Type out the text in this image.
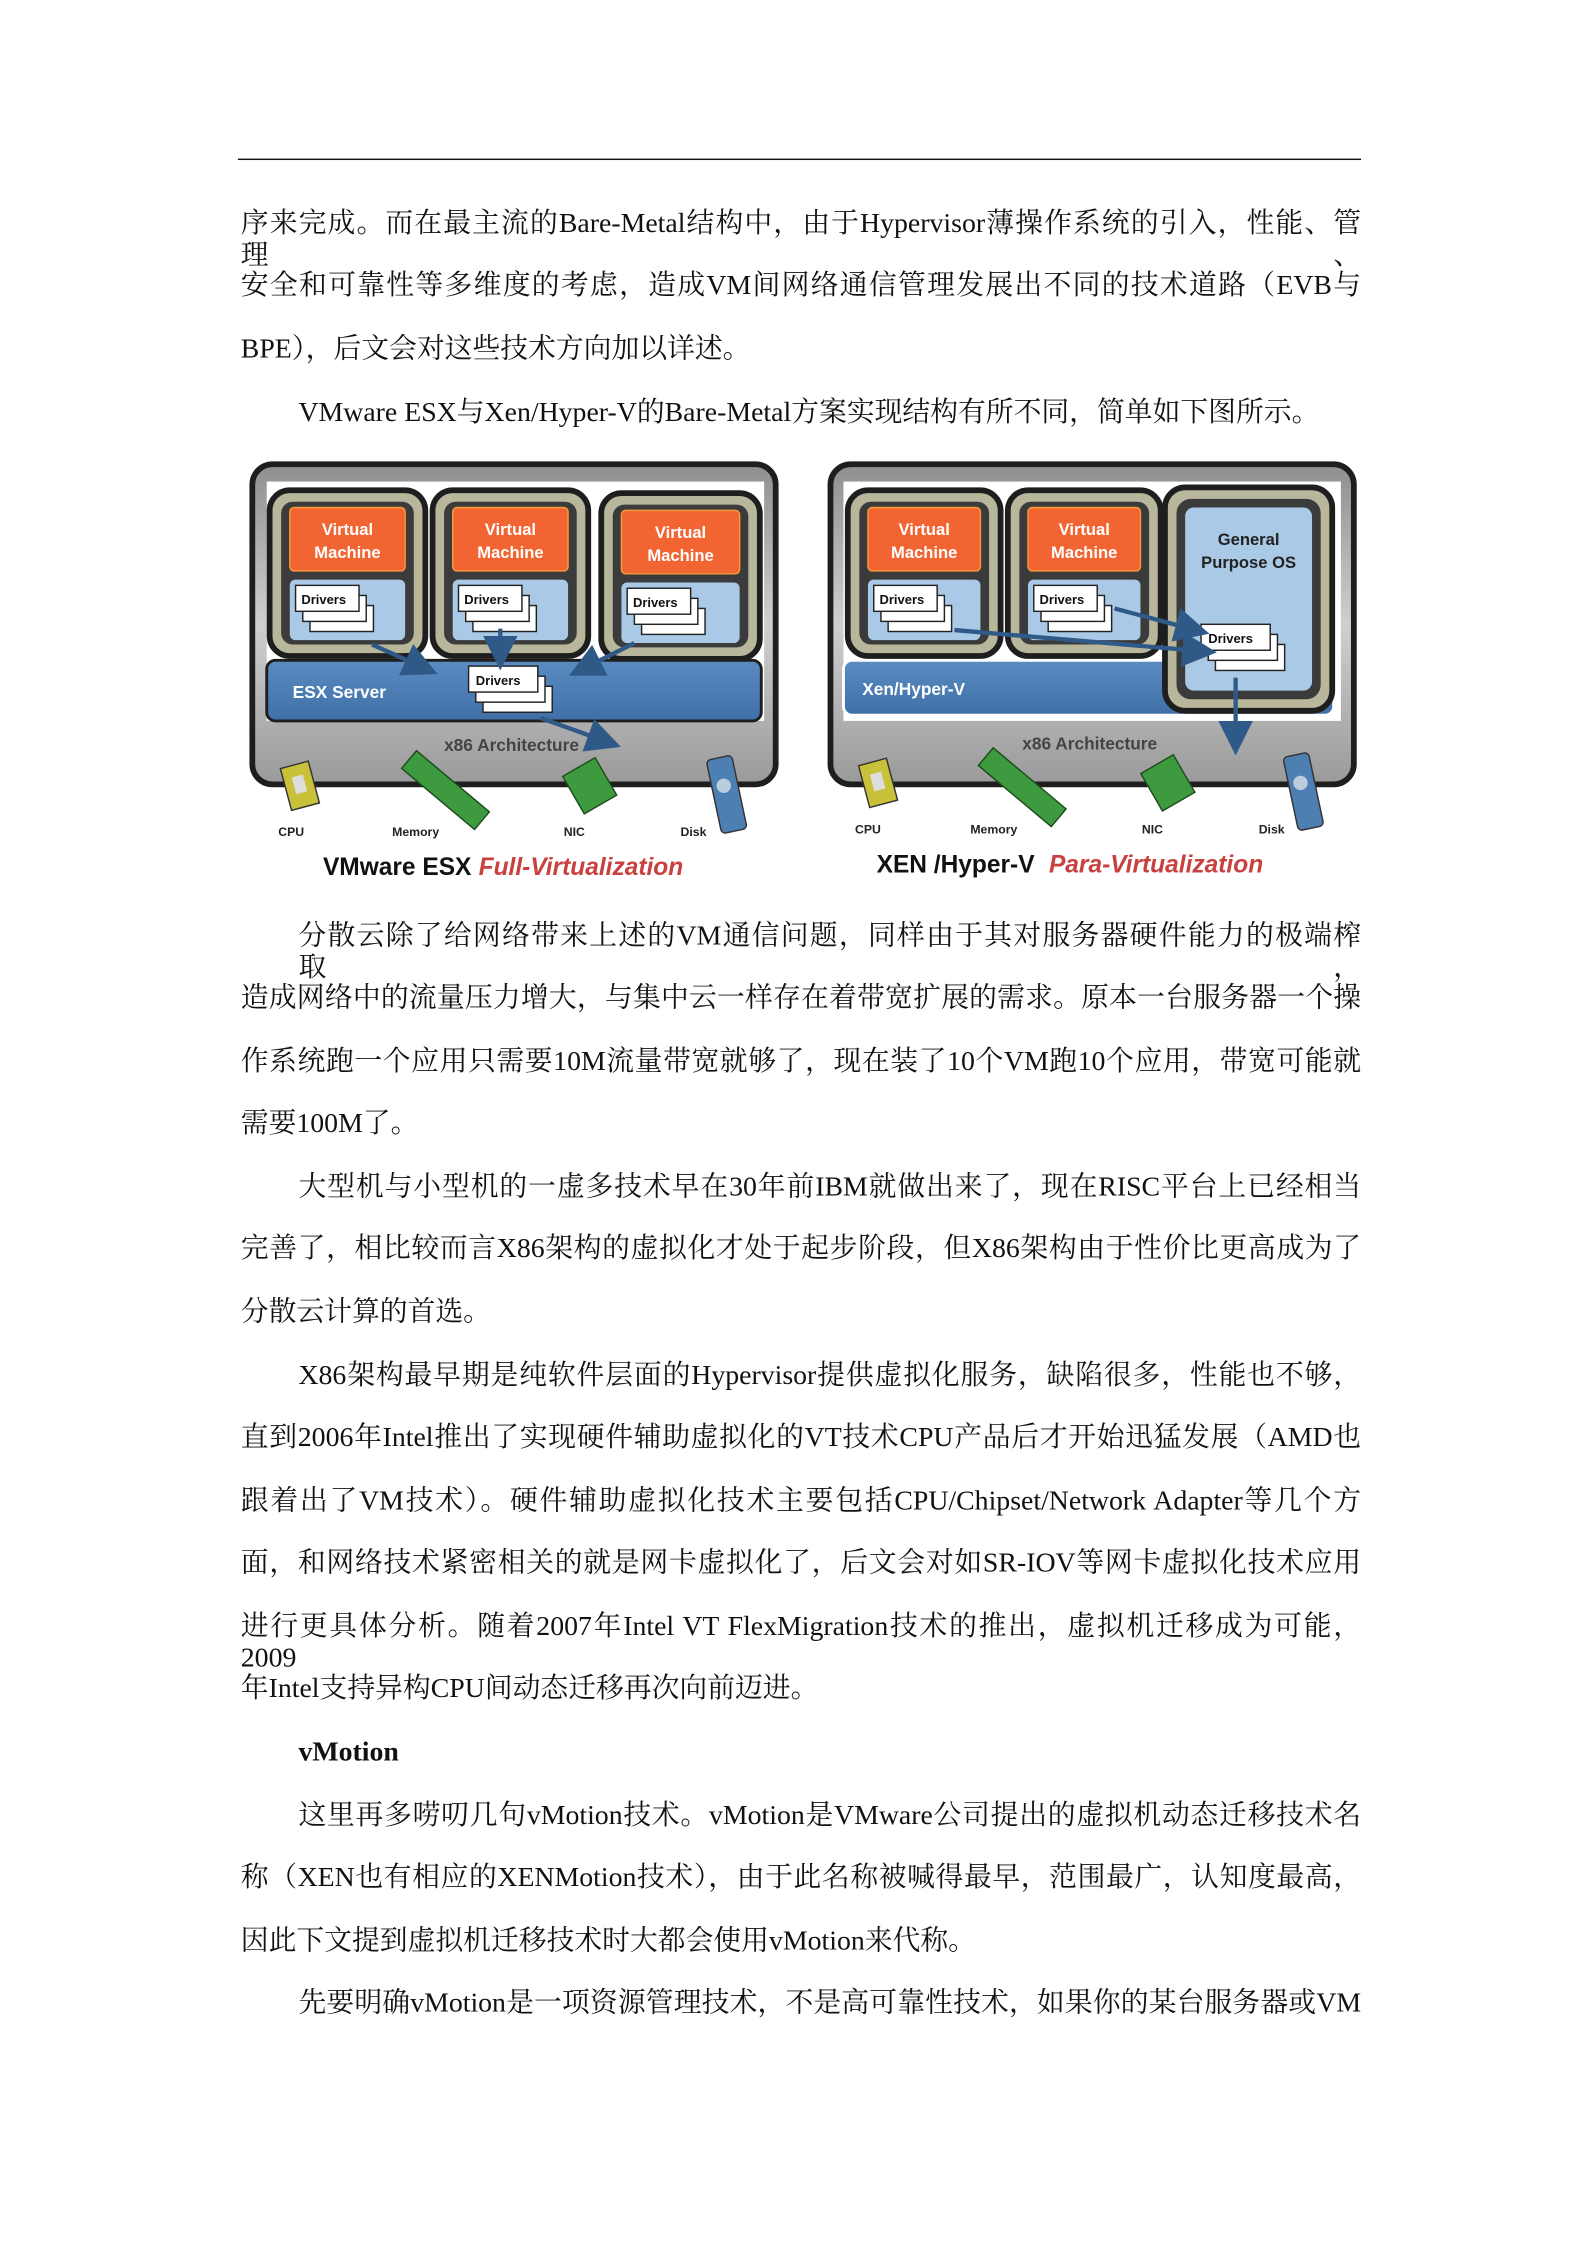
序来完成。而在最主流的Bare-Metal结构中，由于Hypervisor薄操作系统的引入，性能、管理、
安全和可靠性等多维度的考虑，造成VM间网络通信管理发展出不同的技术道路（EVB与
BPE），后文会对这些技术方向加以详述。
VMware ESX与Xen/Hyper-V的Bare-Metal方案实现结构有所不同，简单如下图所示。
Virtual
Machine
Drivers
Virtual
Machine
Drivers
Virtual
Machine
Drivers
ESX Server
Drivers
x86 Architecture
CPU	Memory	NIC	Disk
VMware ESX Full-Virtualization
Xen/Hyper-V
Virtual
Machine
Drivers
Virtual
Machine
Drivers
General
Purpose OS
Drivers
x86 Architecture
CPU	Memory	NIC	Disk
XEN /Hyper-V Para-Virtualization
分散云除了给网络带来上述的VM通信问题，同样由于其对服务器硬件能力的极端榨取，
造成网络中的流量压力增大，与集中云一样存在着带宽扩展的需求。原本一台服务器一个操
作系统跑一个应用只需要10M流量带宽就够了，现在装了10个VM跑10个应用，带宽可能就
需要100M了。
大型机与小型机的一虚多技术早在30年前IBM就做出来了，现在RISC平台上已经相当
完善了，相比较而言X86架构的虚拟化才处于起步阶段，但X86架构由于性价比更高成为了
分散云计算的首选。
X86架构最早期是纯软件层面的Hypervisor提供虚拟化服务，缺陷很多，性能也不够，
直到2006年Intel推出了实现硬件辅助虚拟化的VT技术CPU产品后才开始迅猛发展（AMD也
跟着出了VM技术）。硬件辅助虚拟化技术主要包括CPU/Chipset/Network Adapter等几个方
面，和网络技术紧密相关的就是网卡虚拟化了，后文会对如SR-IOV等网卡虚拟化技术应用
进行更具体分析。随着2007年Intel VT FlexMigration技术的推出，虚拟机迁移成为可能，2009
年Intel支持异构CPU间动态迁移再次向前迈进。
vMotion
这里再多唠叨几句vMotion技术。vMotion是VMware公司提出的虚拟机动态迁移技术名
称（XEN也有相应的XENMotion技术），由于此名称被喊得最早，范围最广，认知度最高，
因此下文提到虚拟机迁移技术时大都会使用vMotion来代称。
先要明确vMotion是一项资源管理技术，不是高可靠性技术，如果你的某台服务器或VM
